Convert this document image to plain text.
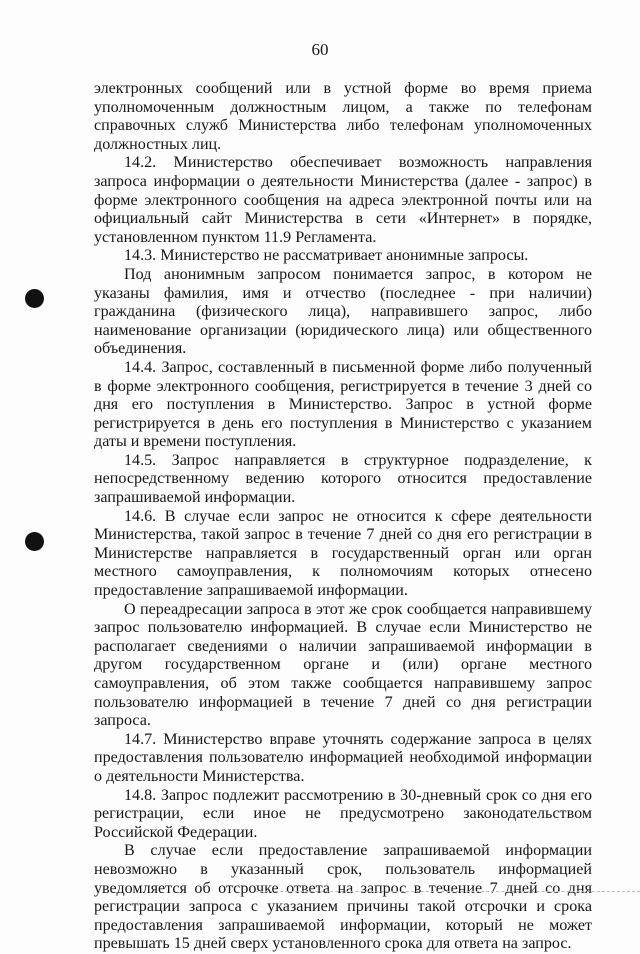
60

электронных сообщений или в устной форме во время приема уполномоченным должностным лицом, а также по телефонам справочных служб Министерства либо телефонам уполномоченных должностных лиц.

14.2. Министерство обеспечивает возможность направления запроса информации о деятельности Министерства (далее - запрос) в форме электронного сообщения на адреса электронной почты или на официальный сайт Министерства в сети «Интернет» в порядке, установленном пунктом 11.9 Регламента.

14.3. Министерство не рассматривает анонимные запросы.

Под анонимным запросом понимается запрос, в котором не указаны фамилия, имя и отчество (последнее - при наличии) гражданина (физического лица), направившего запрос, либо наименование организации (юридического лица) или общественного объединения.

14.4. Запрос, составленный в письменной форме либо полученный в форме электронного сообщения, регистрируется в течение 3 дней со дня его поступления в Министерство. Запрос в устной форме регистрируется в день его поступления в Министерство с указанием даты и времени поступления.

14.5. Запрос направляется в структурное подразделение, к непосредственному ведению которого относится предоставление запрашиваемой информации.

14.6. В случае если запрос не относится к сфере деятельности Министерства, такой запрос в течение 7 дней со дня его регистрации в Министерстве направляется в государственный орган или орган местного самоуправления, к полномочиям которых отнесено предоставление запрашиваемой информации.

О переадресации запроса в этот же срок сообщается направившему запрос пользователю информацией. В случае если Министерство не располагает сведениями о наличии запрашиваемой информации в другом государственном органе и (или) органе местного самоуправления, об этом также сообщается направившему запрос пользователю информацией в течение 7 дней со дня регистрации запроса.

14.7. Министерство вправе уточнять содержание запроса в целях предоставления пользователю информацией необходимой информации о деятельности Министерства.

14.8. Запрос подлежит рассмотрению в 30-дневный срок со дня его регистрации, если иное не предусмотрено законодательством Российской Федерации.

В случае если предоставление запрашиваемой информации невозможно в указанный срок, пользователь информацией уведомляется об отсрочке ответа на запрос в течение 7 дней со дня регистрации запроса с указанием причины такой отсрочки и срока предоставления запрашиваемой информации, который не может превышать 15 дней сверх установленного срока для ответа на запрос.
